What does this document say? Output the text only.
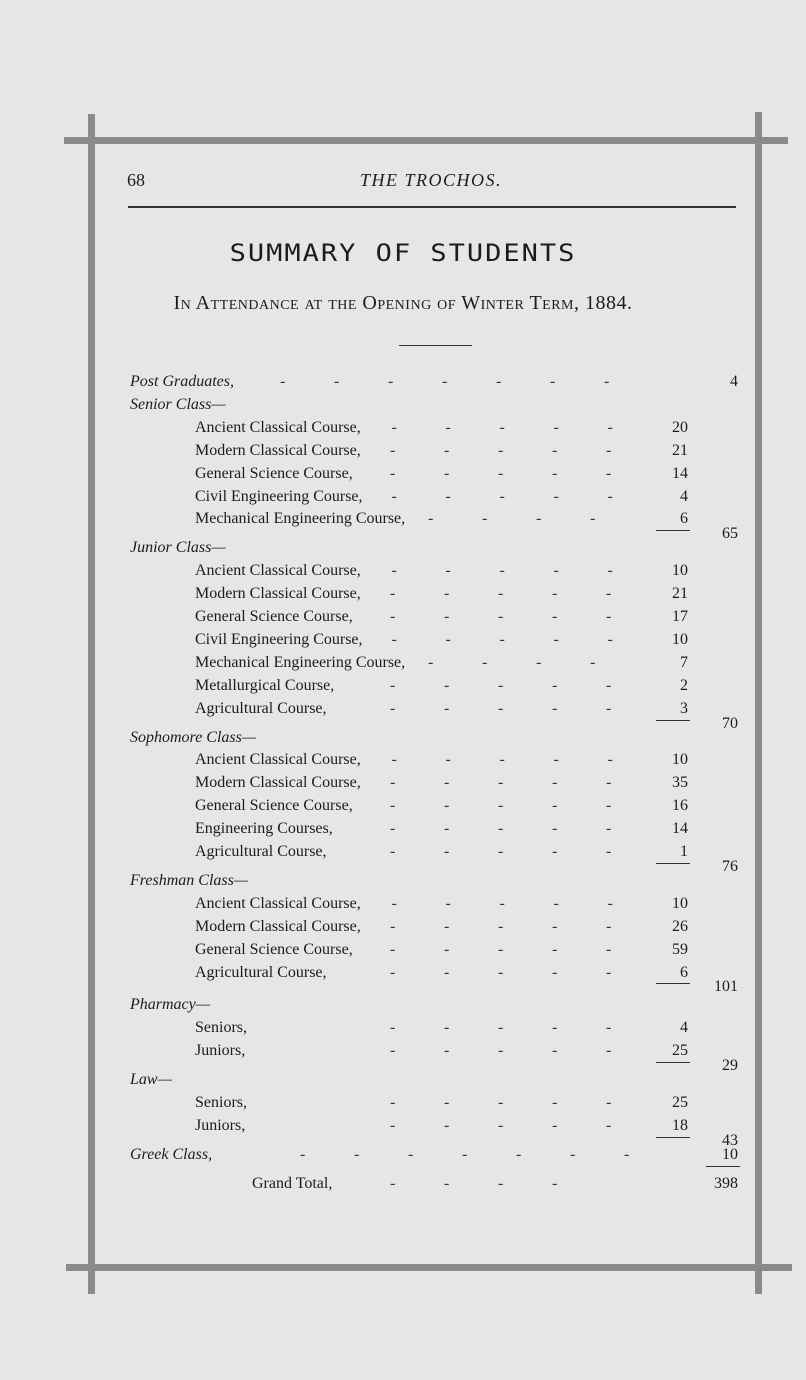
68	THE TROCHOS.
SUMMARY OF STUDENTS
In Attendance at the Opening of Winter Term, 1884.
Post Graduates,	4
-	-	-	-	-	-	-
Senior Class—
Ancient Classical Course,	20
-	-	-	-	-
Modern Classical Course,	21
-	-	-	-	-
General Science Course,	14
-	-	-	-	-
Civil Engineering Course,	4
-	-	-	-	-
Mechanical Engineering Course,	6
-	-	-	-
65
Junior Class—
Ancient Classical Course,	10
-	-	-	-	-
Modern Classical Course,	21
-	-	-	-	-
General Science Course,	17
-	-	-	-	-
Civil Engineering Course,	10
-	-	-	-	-
Mechanical Engineering Course,	7
-	-	-	-
Metallurgical Course,	2
-	-	-	-	-
Agricultural Course,	3
-	-	-	-	-
70
Sophomore Class—
Ancient Classical Course,	10
-	-	-	-	-
Modern Classical Course,	35
-	-	-	-	-
General Science Course,	16
-	-	-	-	-
Engineering Courses,	14
-	-	-	-	-
Agricultural Course,	1
-	-	-	-	-
76
Freshman Class—
Ancient Classical Course,	10
-	-	-	-	-
Modern Classical Course,	26
-	-	-	-	-
General Science Course,	59
-	-	-	-	-
Agricultural Course,	6
-	-	-	-	-
101
Pharmacy—
Seniors,	4
-	-	-	-	-
Juniors,	25
-	-	-	-	-
29
Law—
Seniors,	25
-	-	-	-	-
Juniors,	18
-	-	-	-	-
43
Greek Class,	10
-	-	-	-	-	-	-
Grand Total,	398
-	-	-	-
